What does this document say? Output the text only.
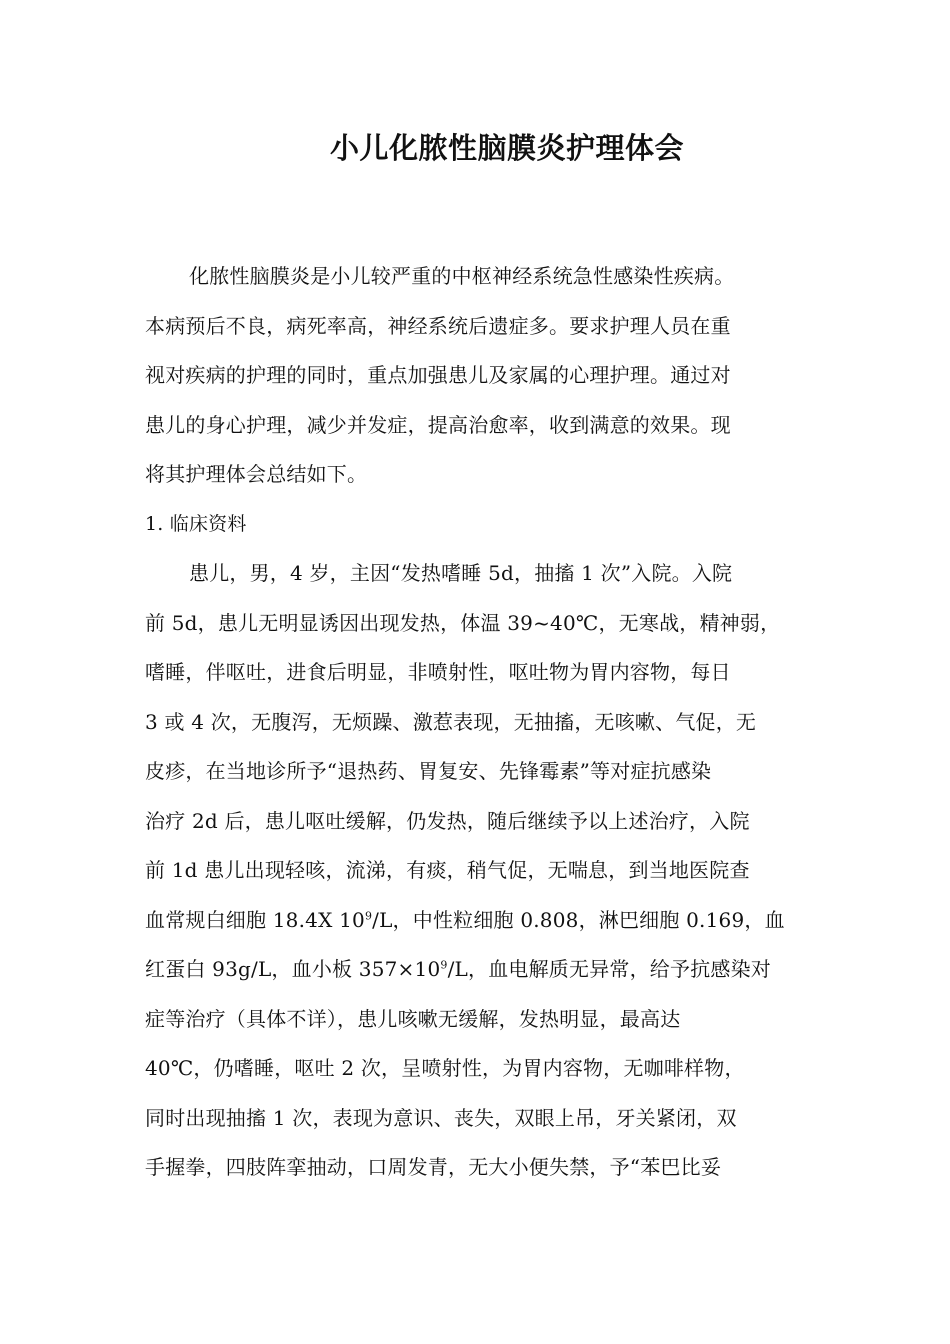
小儿化脓性脑膜炎护理体会
化脓性脑膜炎是小儿较严重的中枢神经系统急性感染性疾病。
本病预后不良，病死率高，神经系统后遗症多。要求护理人员在重
视对疾病的护理的同时，重点加强患儿及家属的心理护理。通过对
患儿的身心护理，减少并发症，提高治愈率，收到满意的效果。现
将其护理体会总结如下。
1. 临床资料
患儿，男，4 岁，主因“发热嗜睡 5d，抽搐 1 次”入院。入院
前 5d，患儿无明显诱因出现发热，体温 39~40℃，无寒战，精神弱，
嗜睡，伴呕吐，进食后明显，非喷射性，呕吐物为胃内容物，每日
3 或 4 次，无腹泻，无烦躁、激惹表现，无抽搐，无咳嗽、气促，无
皮疹，在当地诊所予“退热药、胃复安、先锋霉素”等对症抗感染
治疗 2d 后，患儿呕吐缓解，仍发热，随后继续予以上述治疗，入院
前 1d 患儿出现轻咳，流涕，有痰，稍气促，无喘息，到当地医院查
血常规白细胞 18.4X $10^9/L$，中性粒细胞 0.808，淋巴细胞 0.169，血
红蛋白 93g/L，血小板 $357\times 10^9/L$，血电解质无异常，给予抗感染对
症等治疗（具体不详），患儿咳嗽无缓解，发热明显，最高达
40℃，仍嗜睡，呕吐 2 次，呈喷射性，为胃内容物，无咖啡样物，
同时出现抽搐 1 次，表现为意识、丧失，双眼上吊，牙关紧闭，双
手握拳，四肢阵挛抽动，口周发青，无大小便失禁，予“苯巴比妥
